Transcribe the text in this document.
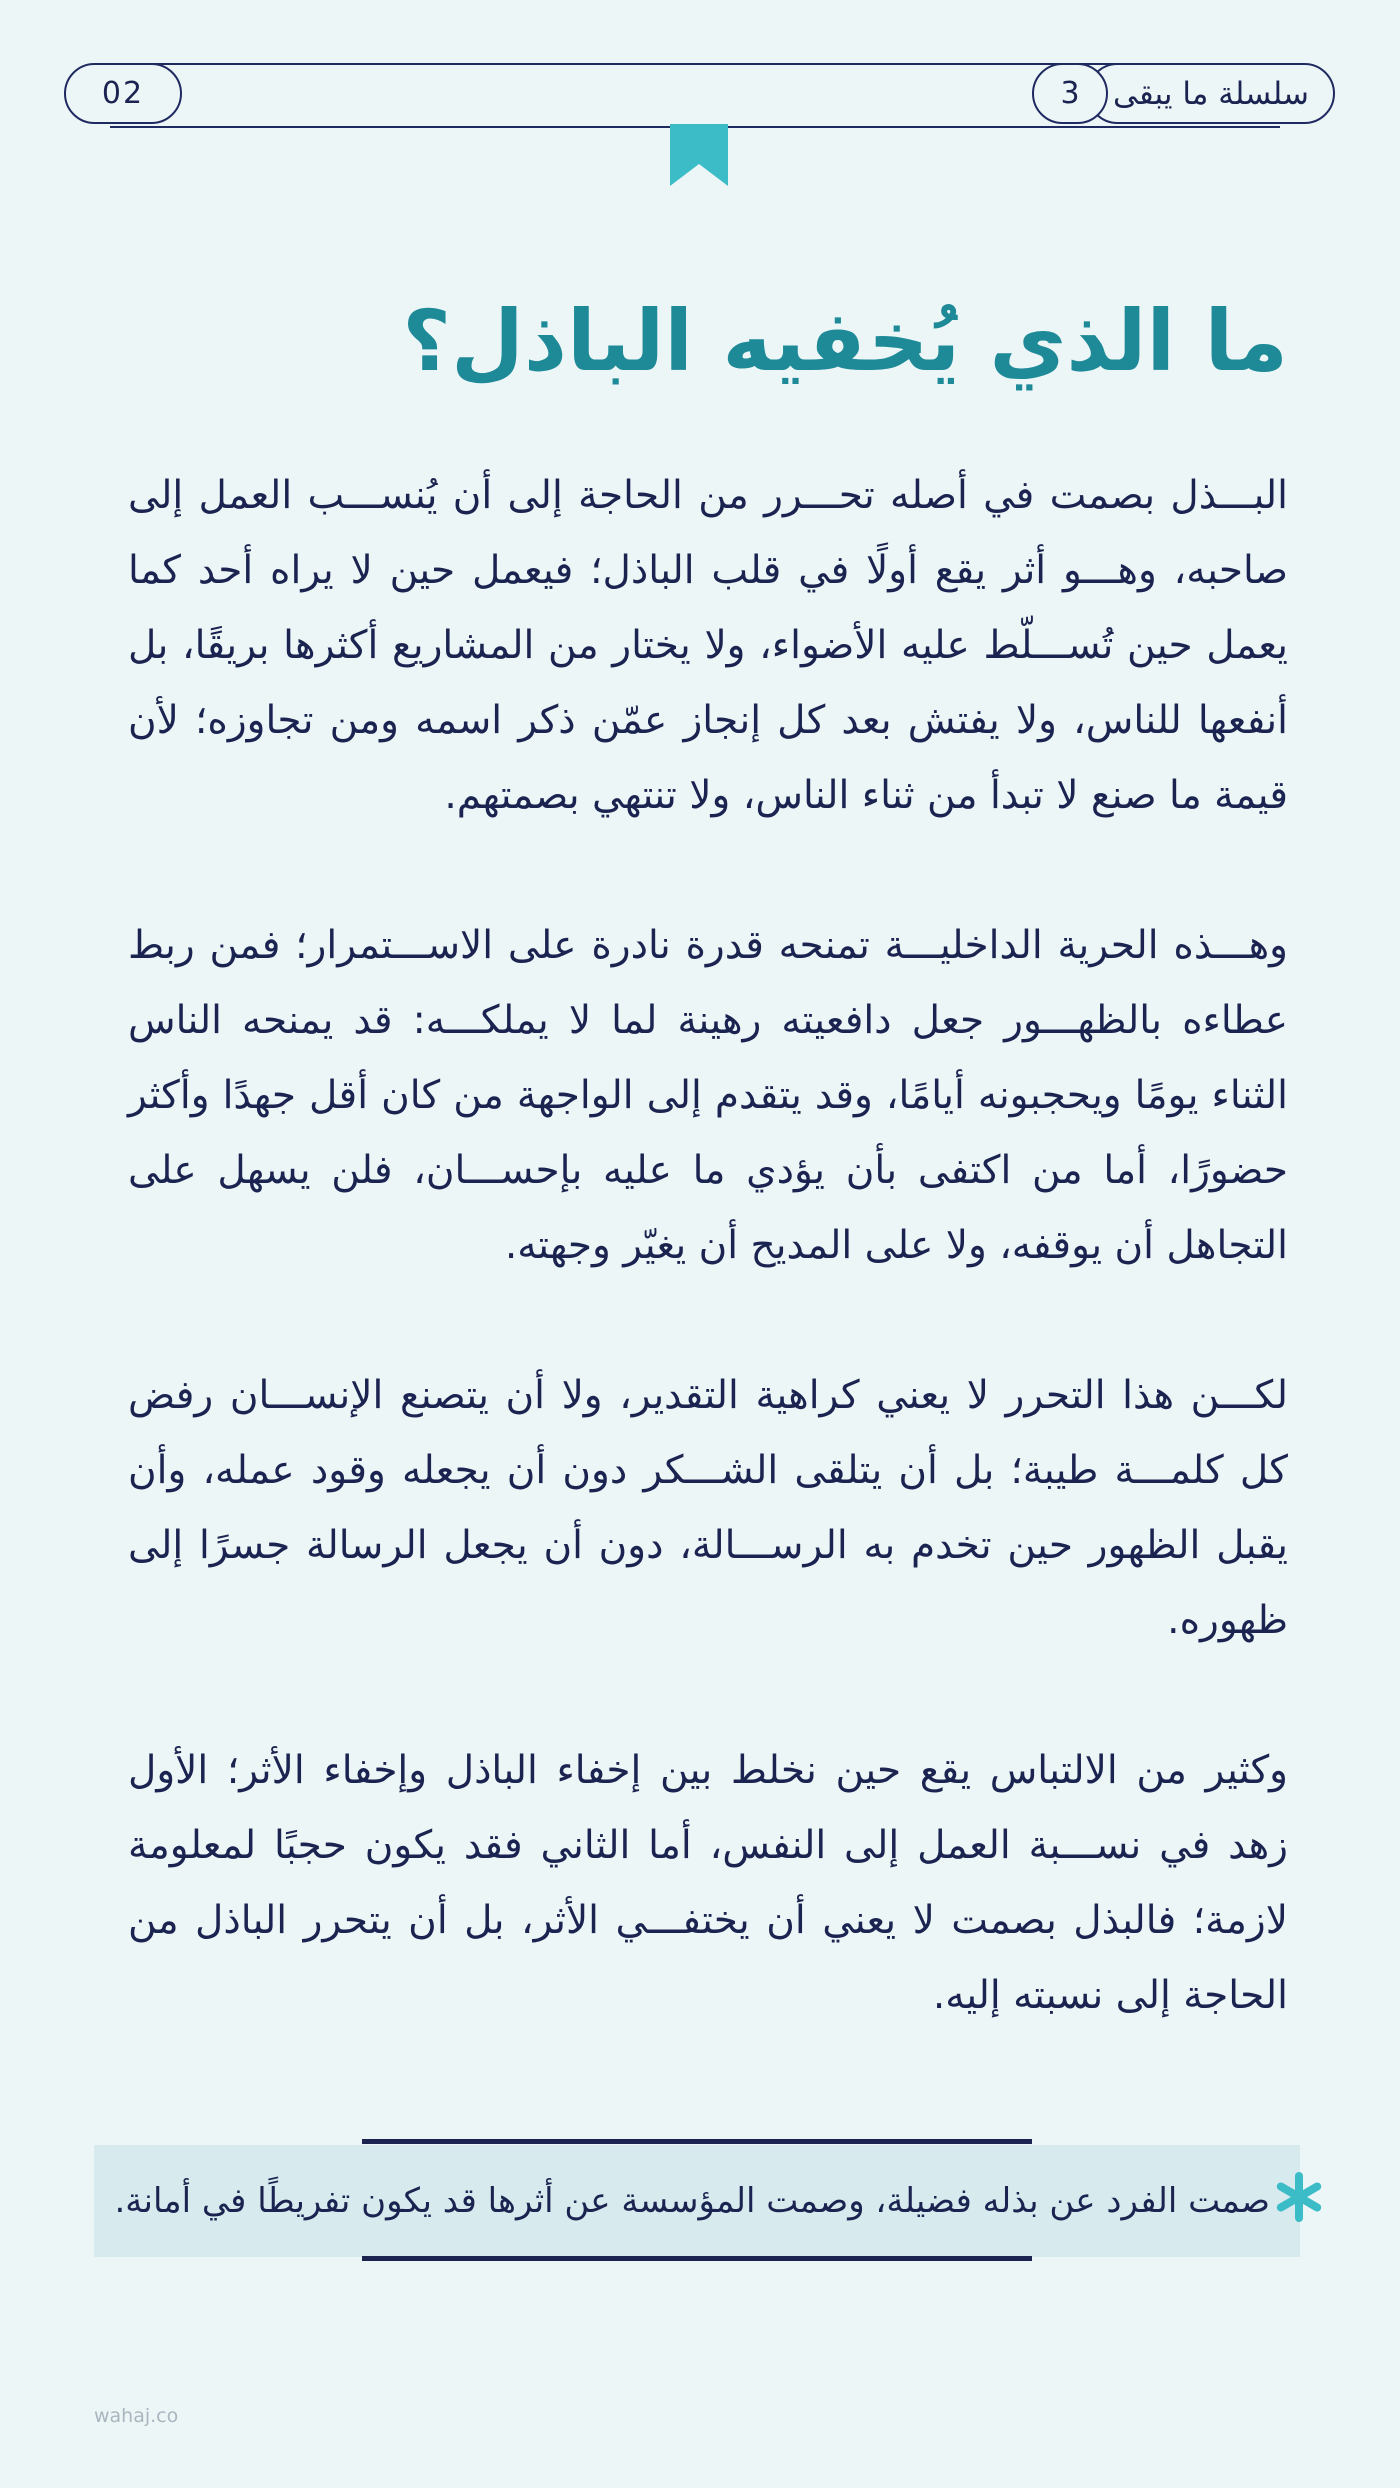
02	سلسلة ما يبقى
3
ما الذي يُخفيه الباذل؟

البـــذل بصمت في أصله تحـــرر من الحاجة إلى أن يُنســـب العمل إلى صاحبه، وهـــو أثر يقع أولًا في قلب الباذل؛ فيعمل حين لا يراه أحد كما يعمل حين تُســـلّط عليه الأضواء، ولا يختار من المشاريع أكثرها بريقًا، بل أنفعها للناس، ولا يفتش بعد كل إنجاز عمّن ذكر اسمه ومن تجاوزه؛ لأن قيمة ما صنع لا تبدأ من ثناء الناس، ولا تنتهي بصمتهم.

وهـــذه الحرية الداخليـــة تمنحه قدرة نادرة على الاســـتمرار؛ فمن ربط عطاءه بالظهـــور جعل دافعيته رهينة لما لا يملكـــه: قد يمنحه الناس الثناء يومًا ويحجبونه أيامًا، وقد يتقدم إلى الواجهة من كان أقل جهدًا وأكثر حضورًا، أما من اكتفى بأن يؤدي ما عليه بإحســـان، فلن يسهل على التجاهل أن يوقفه، ولا على المديح أن يغيّر وجهته.

لكـــن هذا التحرر لا يعني كراهية التقدير، ولا أن يتصنع الإنســـان رفض كل كلمـــة طيبة؛ بل أن يتلقى الشـــكر دون أن يجعله وقود عمله، وأن يقبل الظهور حين تخدم به الرســـالة، دون أن يجعل الرسالة جسرًا إلى ظهوره.

وكثير من الالتباس يقع حين نخلط بين إخفاء الباذل وإخفاء الأثر؛ الأول زهد في نســـبة العمل إلى النفس، أما الثاني فقد يكون حجبًا لمعلومة لازمة؛ فالبذل بصمت لا يعني أن يختفـــي الأثر، بل أن يتحرر الباذل من الحاجة إلى نسبته إليه.

صمت الفرد عن بذله فضيلة، وصمت المؤسسة عن أثرها قد يكون تفريطًا في أمانة.
wahaj.co
